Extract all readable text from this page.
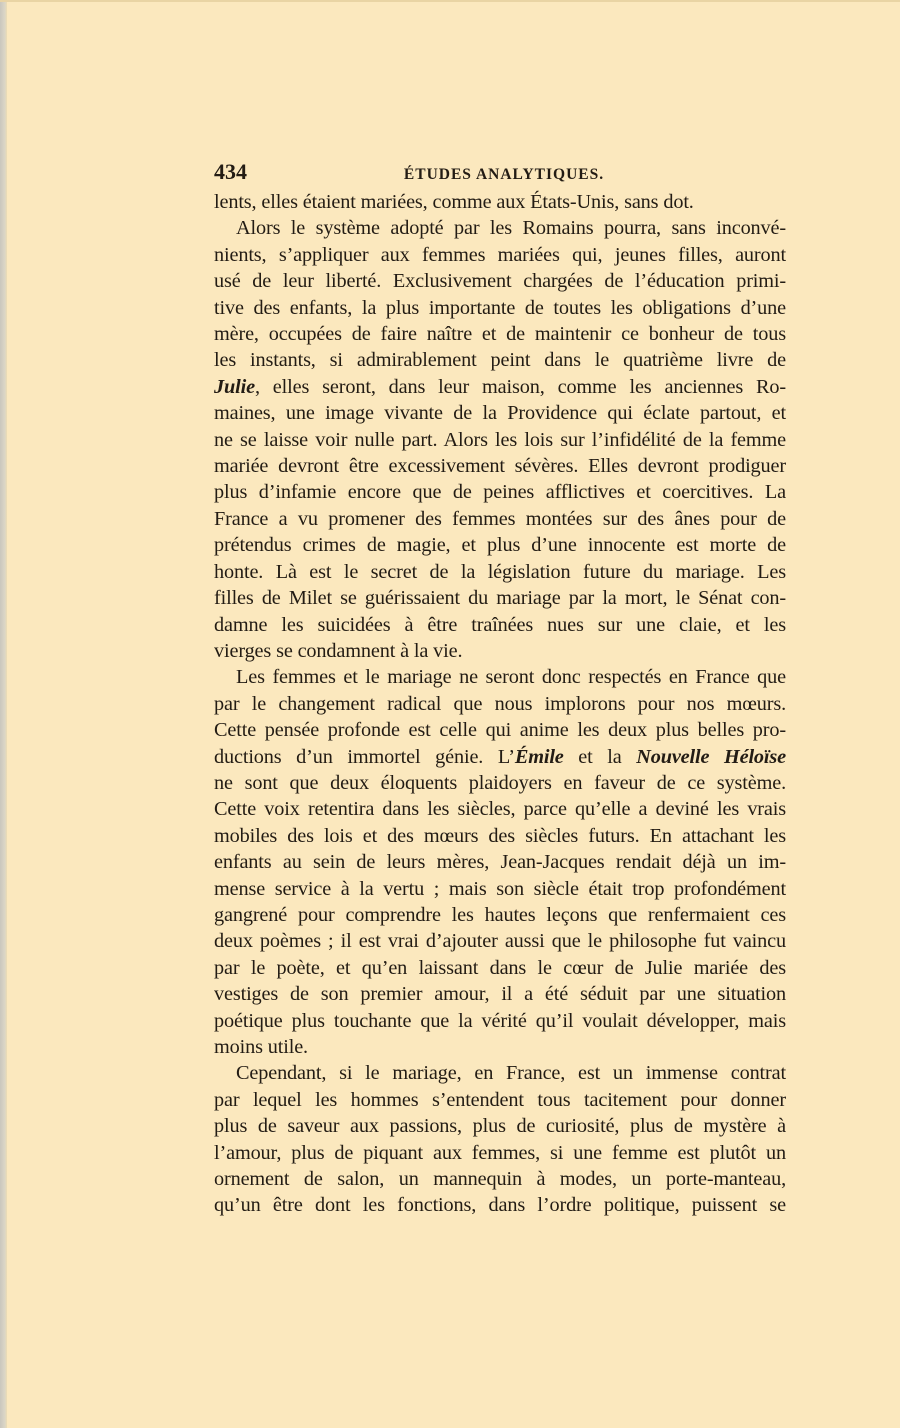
434	ÉTUDES ANALYTIQUES.
lents, elles étaient mariées, comme aux États-Unis, sans dot.
Alors le système adopté par les Romains pourra, sans inconvé-
nients, s’appliquer aux femmes mariées qui, jeunes filles, auront
usé de leur liberté. Exclusivement chargées de l’éducation primi-
tive des enfants, la plus importante de toutes les obligations d’une
mère, occupées de faire naître et de maintenir ce bonheur de tous
les instants, si admirablement peint dans le quatrième livre de
Julie, elles seront, dans leur maison, comme les anciennes Ro-
maines, une image vivante de la Providence qui éclate partout, et
ne se laisse voir nulle part. Alors les lois sur l’infidélité de la femme
mariée devront être excessivement sévères. Elles devront prodiguer
plus d’infamie encore que de peines afflictives et coercitives. La
France a vu promener des femmes montées sur des ânes pour de
prétendus crimes de magie, et plus d’une innocente est morte de
honte. Là est le secret de la législation future du mariage. Les
filles de Milet se guérissaient du mariage par la mort, le Sénat con-
damne les suicidées à être traînées nues sur une claie, et les
vierges se condamnent à la vie.
Les femmes et le mariage ne seront donc respectés en France que
par le changement radical que nous implorons pour nos mœurs.
Cette pensée profonde est celle qui anime les deux plus belles pro-
ductions d’un immortel génie. L’Émile et la Nouvelle Héloïse
ne sont que deux éloquents plaidoyers en faveur de ce système.
Cette voix retentira dans les siècles, parce qu’elle a deviné les vrais
mobiles des lois et des mœurs des siècles futurs. En attachant les
enfants au sein de leurs mères, Jean-Jacques rendait déjà un im-
mense service à la vertu ; mais son siècle était trop profondément
gangrené pour comprendre les hautes leçons que renfermaient ces
deux poèmes ; il est vrai d’ajouter aussi que le philosophe fut vaincu
par le poète, et qu’en laissant dans le cœur de Julie mariée des
vestiges de son premier amour, il a été séduit par une situation
poétique plus touchante que la vérité qu’il voulait développer, mais
moins utile.
Cependant, si le mariage, en France, est un immense contrat
par lequel les hommes s’entendent tous tacitement pour donner
plus de saveur aux passions, plus de curiosité, plus de mystère à
l’amour, plus de piquant aux femmes, si une femme est plutôt un
ornement de salon, un mannequin à modes, un porte-manteau,
qu’un être dont les fonctions, dans l’ordre politique, puissent se
